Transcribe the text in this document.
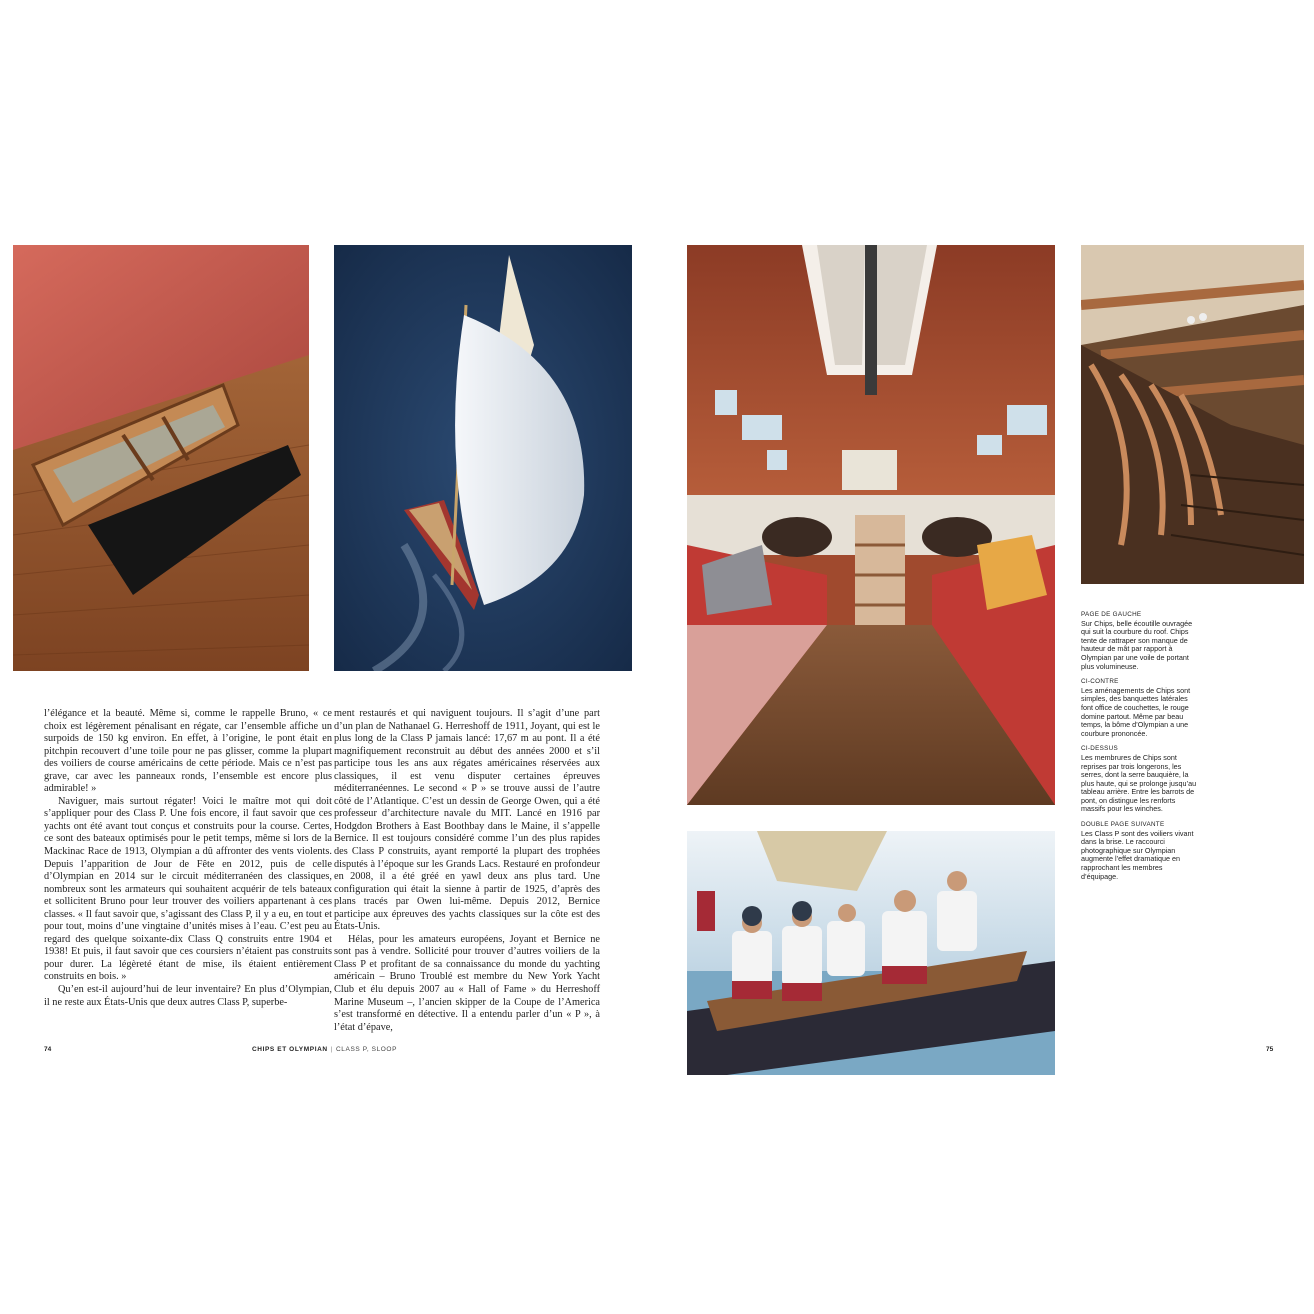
l’élégance et la beauté. Même si, comme le rappelle Bruno, « ce choix est légèrement pénalisant en régate, car l’ensemble affiche un surpoids de 150 kg environ. En effet, à l’origine, le pont était en pitchpin recouvert d’une toile pour ne pas glisser, comme la plupart des voiliers de course américains de cette période. Mais ce n’est pas grave, car avec les panneaux ronds, l’ensemble est encore plus admirable! »

Naviguer, mais surtout régater! Voici le maître mot qui doit s’appliquer pour des Class P. Une fois encore, il faut savoir que ces yachts ont été avant tout conçus et construits pour la course. Certes, ce sont des bateaux optimisés pour le petit temps, même si lors de la Mackinac Race de 1913, Olympian a dû affronter des vents violents. Depuis l’apparition de Jour de Fête en 2012, puis de celle d’Olympian en 2014 sur le circuit méditerranéen des classiques, nombreux sont les armateurs qui souhaitent acquérir de tels bateaux et sollicitent Bruno pour leur trouver des voiliers appartenant à ces classes. « Il faut savoir que, s’agissant des Class P, il y a eu, en tout et pour tout, moins d’une vingtaine d’unités mises à l’eau. C’est peu au regard des quelque soixante-dix Class Q construits entre 1904 et 1938! Et puis, il faut savoir que ces coursiers n’étaient pas construits pour durer. La légèreté étant de mise, ils étaient entièrement construits en bois. »

Qu’en est-il aujourd’hui de leur inventaire? En plus d’Olympian, il ne reste aux États-Unis que deux autres Class P, superbe-

ment restaurés et qui naviguent toujours. Il s’agit d’une part d’un plan de Nathanael G. Herreshoff de 1911, Joyant, qui est le plus long de la Class P jamais lancé: 17,67 m au pont. Il a été magnifiquement reconstruit au début des années 2000 et s’il participe tous les ans aux régates américaines réservées aux classiques, il est venu disputer certaines épreuves méditerranéennes. Le second « P » se trouve aussi de l’autre côté de l’Atlantique. C’est un dessin de George Owen, qui a été professeur d’architecture navale du MIT. Lancé en 1916 par Hodgdon Brothers à East Boothbay dans le Maine, il s’appelle Bernice. Il est toujours considéré comme l’un des plus rapides des Class P construits, ayant remporté la plupart des trophées disputés à l’époque sur les Grands Lacs. Restauré en profondeur en 2008, il a été gréé en yawl deux ans plus tard. Une configuration qui était la sienne à partir de 1925, d’après des plans tracés par Owen lui-même. Depuis 2012, Bernice participe aux épreuves des yachts classiques sur la côte est des États-Unis.

Hélas, pour les amateurs européens, Joyant et Bernice ne sont pas à vendre. Sollicité pour trouver d’autres voiliers de la Class P et profitant de sa connaissance du monde du yachting américain – Bruno Troublé est membre du New York Yacht Club et élu depuis 2007 au « Hall of Fame » du Herreshoff Marine Museum –, l’ancien skipper de la Coupe de l’America s’est transformé en détective. Il a entendu parler d’un « P », à l’état d’épave,

74	CHIPS ET OLYMPIAN | CLASS P, SLOOP
PAGE DE GAUCHE
Sur Chips, belle écoutille ouvragée qui suit la courbure du roof. Chips tente de rattraper son manque de hauteur de mât par rapport à Olympian par une voile de portant plus volumineuse.
CI-CONTRE
Les aménagements de Chips sont simples, des banquettes latérales font office de couchettes, le rouge domine partout. Même par beau temps, la bôme d’Olympian a une courbure prononcée.
CI-DESSUS
Les membrures de Chips sont reprises par trois longerons, les serres, dont la serre bauquière, la plus haute, qui se prolonge jusqu’au tableau arrière. Entre les barrots de pont, on distingue les renforts massifs pour les winches.
DOUBLE PAGE SUIVANTE
Les Class P sont des voiliers vivant dans la brise. Le raccourci photographique sur Olympian augmente l’effet dramatique en rapprochant les membres d’équipage.
75
